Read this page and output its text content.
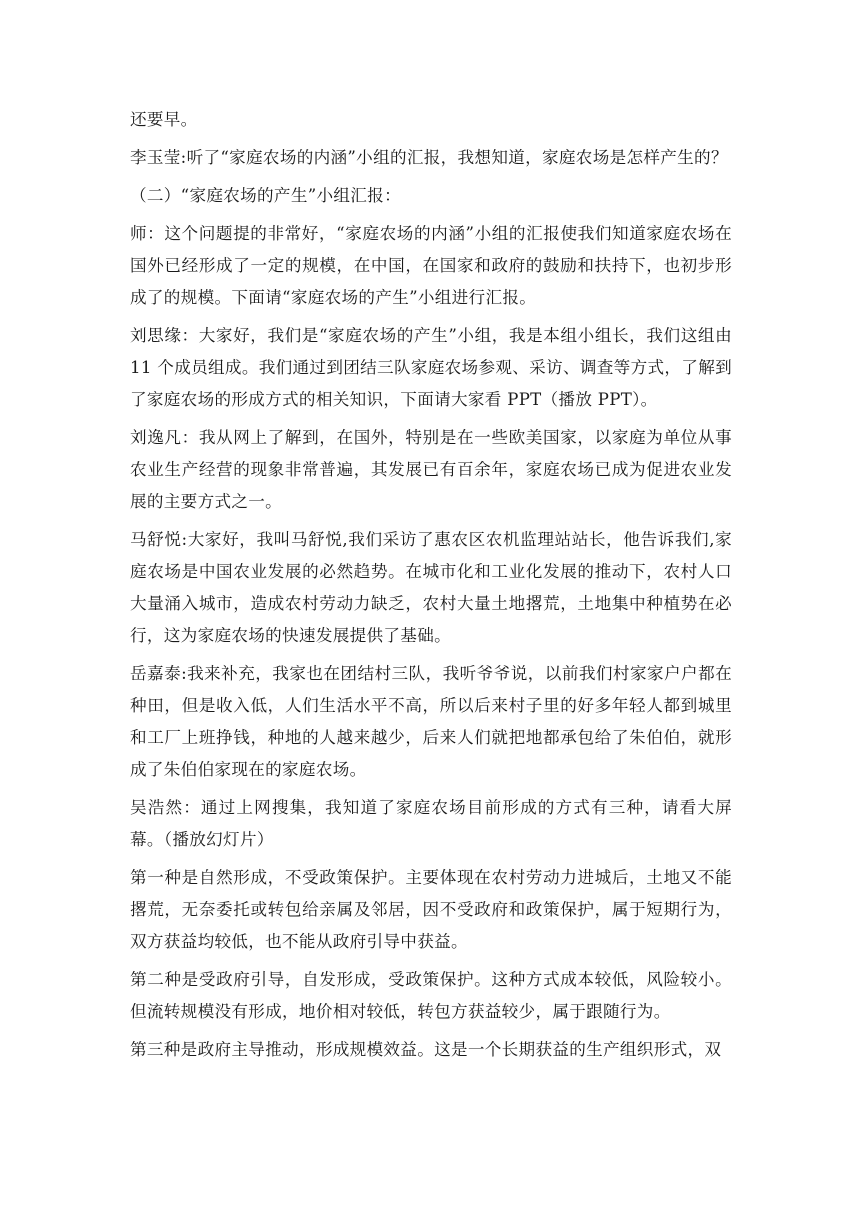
还要早。

李玉莹:听了“家庭农场的内涵”小组的汇报，我想知道，家庭农场是怎样产生的？

（二）“家庭农场的产生”小组汇报：

师：这个问题提的非常好，“家庭农场的内涵”小组的汇报使我们知道家庭农场在国外已经形成了一定的规模，在中国，在国家和政府的鼓励和扶持下，也初步形成了的规模。下面请“家庭农场的产生”小组进行汇报。

刘思缘：大家好，我们是“家庭农场的产生”小组，我是本组小组长，我们这组由 11 个成员组成。我们通过到团结三队家庭农场参观、采访、调查等方式，了解到了家庭农场的形成方式的相关知识，下面请大家看 PPT（播放 PPT）。

刘逸凡：我从网上了解到，在国外，特别是在一些欧美国家，以家庭为单位从事农业生产经营的现象非常普遍，其发展已有百余年，家庭农场已成为促进农业发展的主要方式之一。

马舒悦:大家好，我叫马舒悦,我们采访了惠农区农机监理站站长，他告诉我们,家庭农场是中国农业发展的必然趋势。在城市化和工业化发展的推动下，农村人口大量涌入城市，造成农村劳动力缺乏，农村大量土地撂荒，土地集中种植势在必行，这为家庭农场的快速发展提供了基础。

岳嘉泰:我来补充，我家也在团结村三队，我听爷爷说，以前我们村家家户户都在种田，但是收入低，人们生活水平不高，所以后来村子里的好多年轻人都到城里和工厂上班挣钱，种地的人越来越少，后来人们就把地都承包给了朱伯伯，就形成了朱伯伯家现在的家庭农场。

吴浩然：通过上网搜集，我知道了家庭农场目前形成的方式有三种，请看大屏幕。（播放幻灯片）

第一种是自然形成，不受政策保护。主要体现在农村劳动力进城后，土地又不能撂荒，无奈委托或转包给亲属及邻居，因不受政府和政策保护，属于短期行为，双方获益均较低，也不能从政府引导中获益。

第二种是受政府引导，自发形成，受政策保护。这种方式成本较低，风险较小。但流转规模没有形成，地价相对较低，转包方获益较少，属于跟随行为。

第三种是政府主导推动，形成规模效益。这是一个长期获益的生产组织形式，双
